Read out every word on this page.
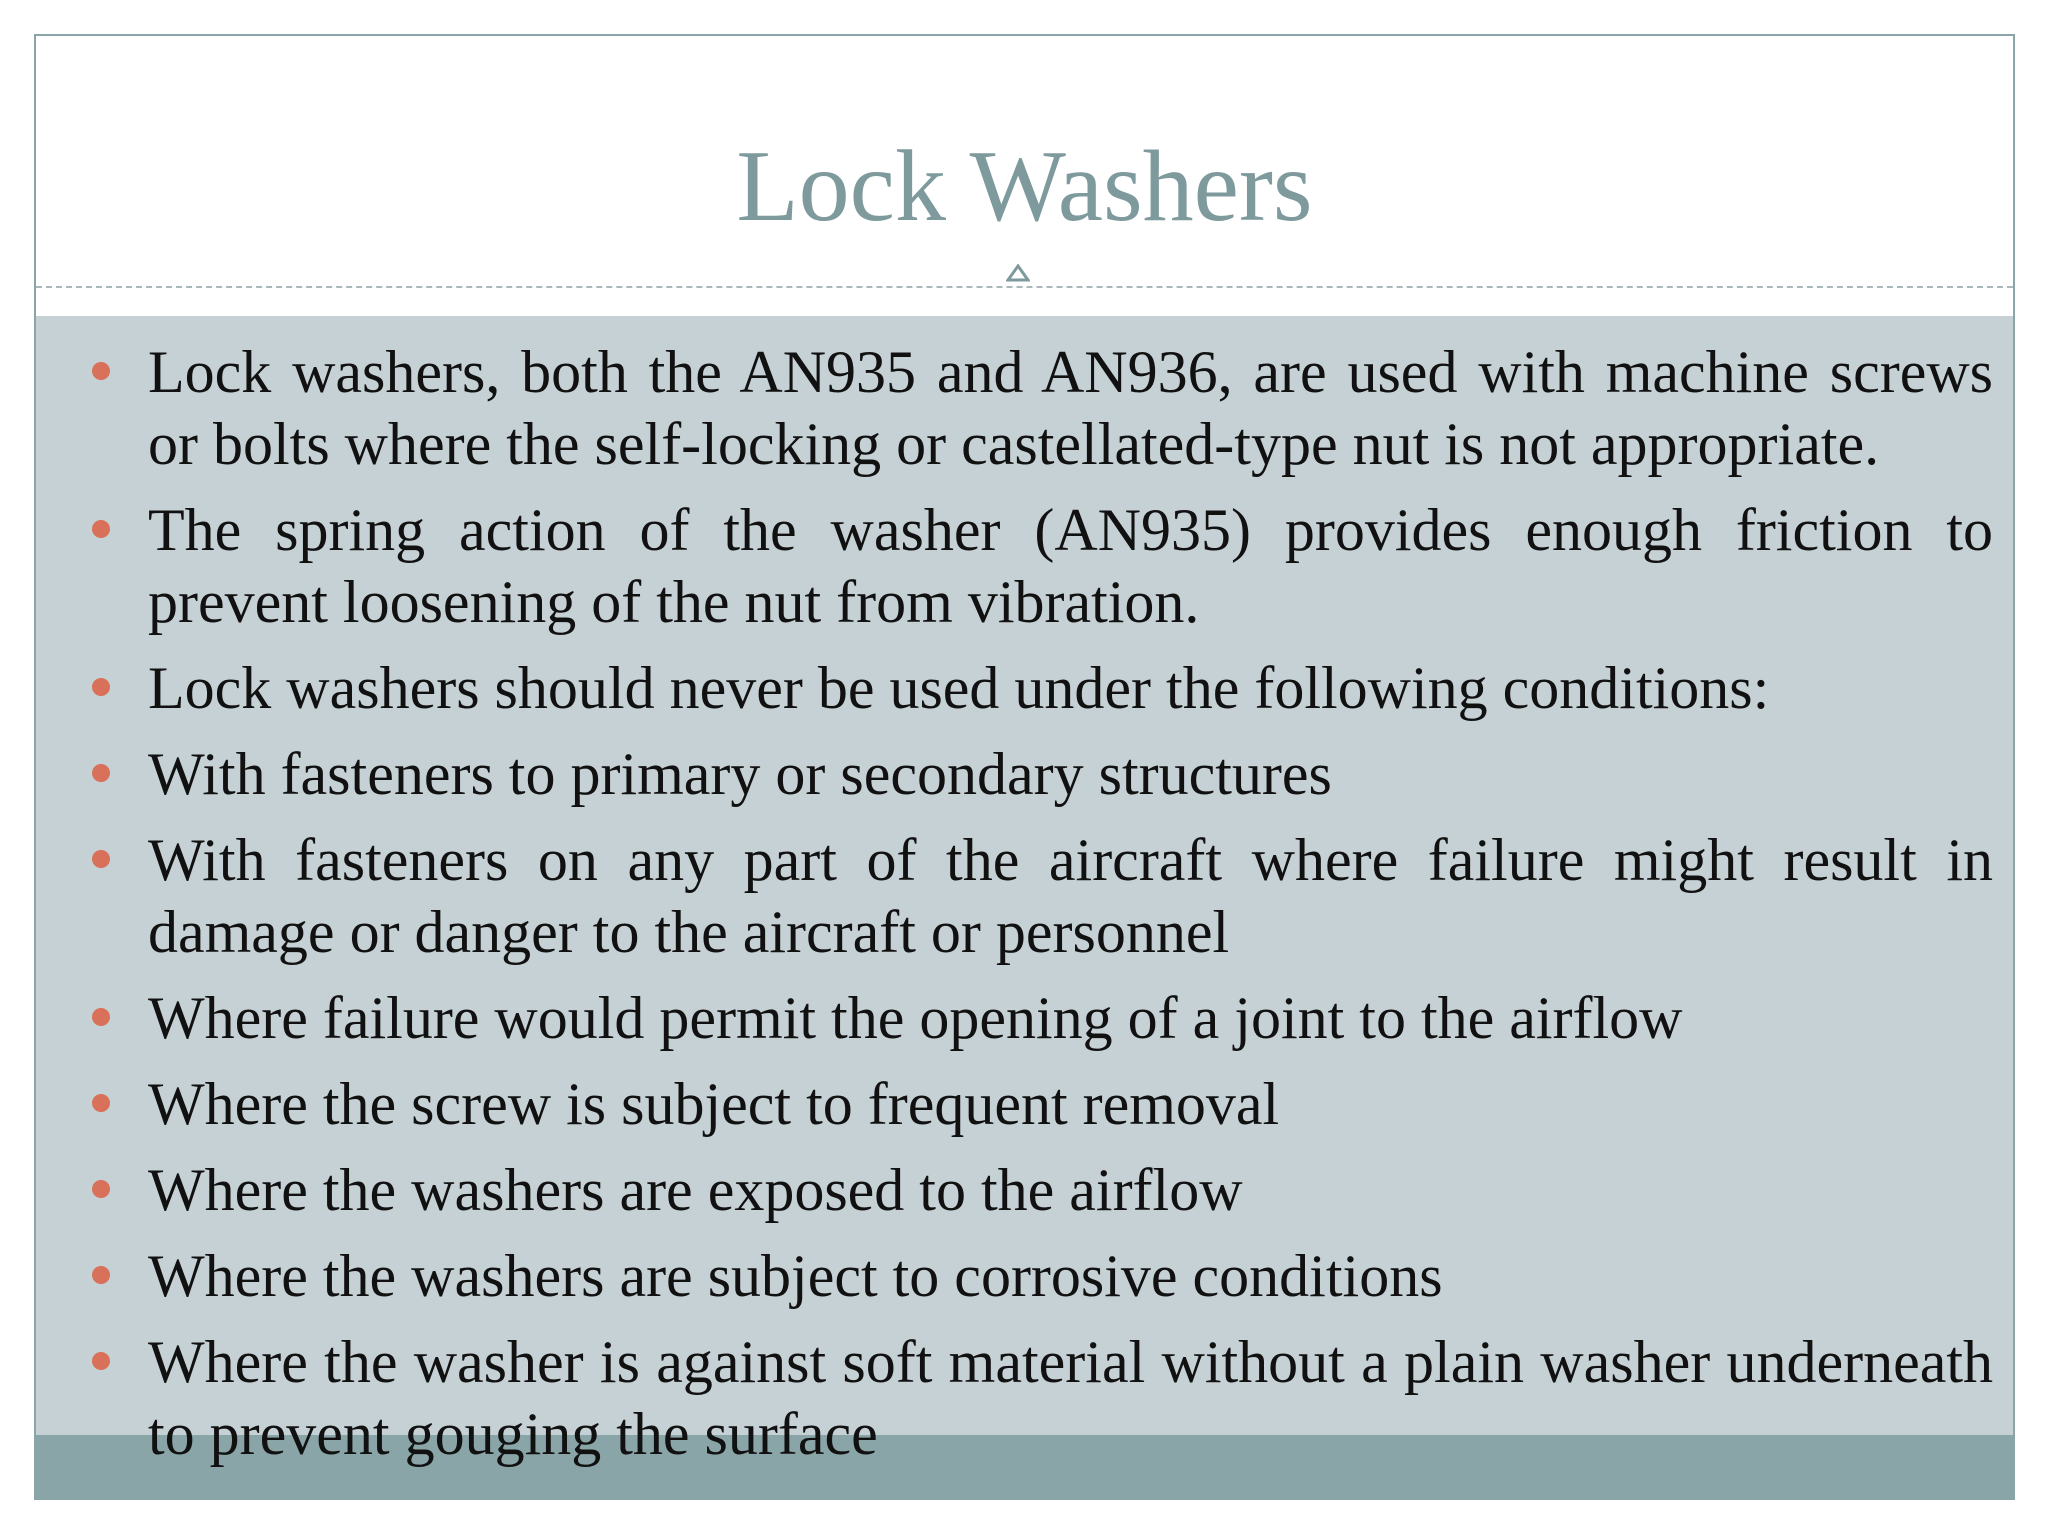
Lock Washers
Lock washers, both the AN935 and AN936, are used with machine screws or bolts where the self-locking or castellated-type nut is not appropriate.
The spring action of the washer (AN935) provides enough friction to prevent loosening of the nut from vibration.
Lock washers should never be used under the following conditions:
With fasteners to primary or secondary structures
With fasteners on any part of the aircraft where failure might result in damage or danger to the aircraft or personnel
Where failure would permit the opening of a joint to the airflow
Where the screw is subject to frequent removal
Where the washers are exposed to the airflow
Where the washers are subject to corrosive conditions
Where the washer is against soft material without a plain washer underneath to prevent gouging the surface
